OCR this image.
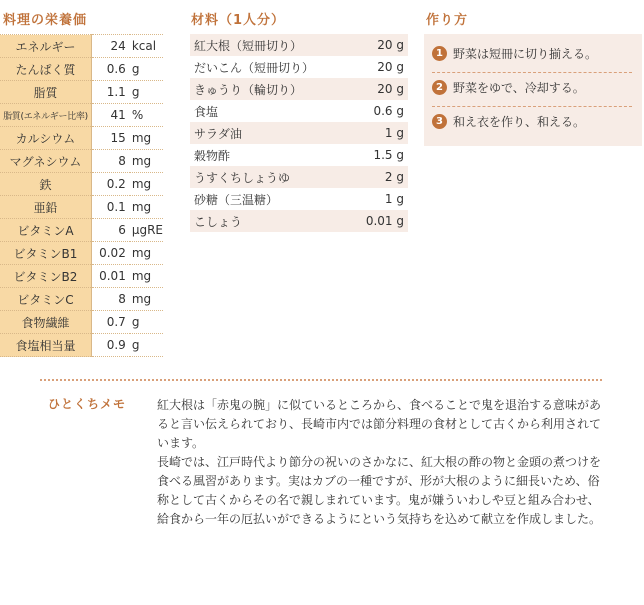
料理の栄養価
エネルギー	24	kcal
たんぱく質	0.6	g
脂質	1.1	g
脂質(エネルギー比率)	41	%
カルシウム	15	mg
マグネシウム	8	mg
鉄	0.2	mg
亜鉛	0.1	mg
ビタミンA	6	μgRE
ビタミンB1	0.02	mg
ビタミンB2	0.01	mg
ビタミンC	8	mg
食物繊維	0.7	g
食塩相当量	0.9	g
材料（1人分）
紅大根（短冊切り）	20 g
だいこん（短冊切り）	20 g
きゅうり（輪切り）	20 g
食塩	0.6 g
サラダ油	1 g
穀物酢	1.5 g
うすくちしょうゆ	2 g
砂糖（三温糖）	1 g
こしょう	0.01 g
作り方
1 野菜は短冊に切り揃える。
2 野菜をゆで、冷却する。
3 和え衣を作り、和える。
ひとくちメモ	紅大根は「赤鬼の腕」に似ているところから、食べることで鬼を退治する意味があると言い伝えられており、長崎市内では節分料理の食材として古くから利用されています。

長崎では、江戸時代より節分の祝いのさかなに、紅大根の酢の物と金頭の煮つけを食べる風習があります。実はカブの一種ですが、形が大根のように細長いため、俗称として古くからその名で親しまれています。鬼が嫌ういわしや豆と組み合わせ、給食から一年の厄払いができるようにという気持ちを込めて献立を作成しました。
